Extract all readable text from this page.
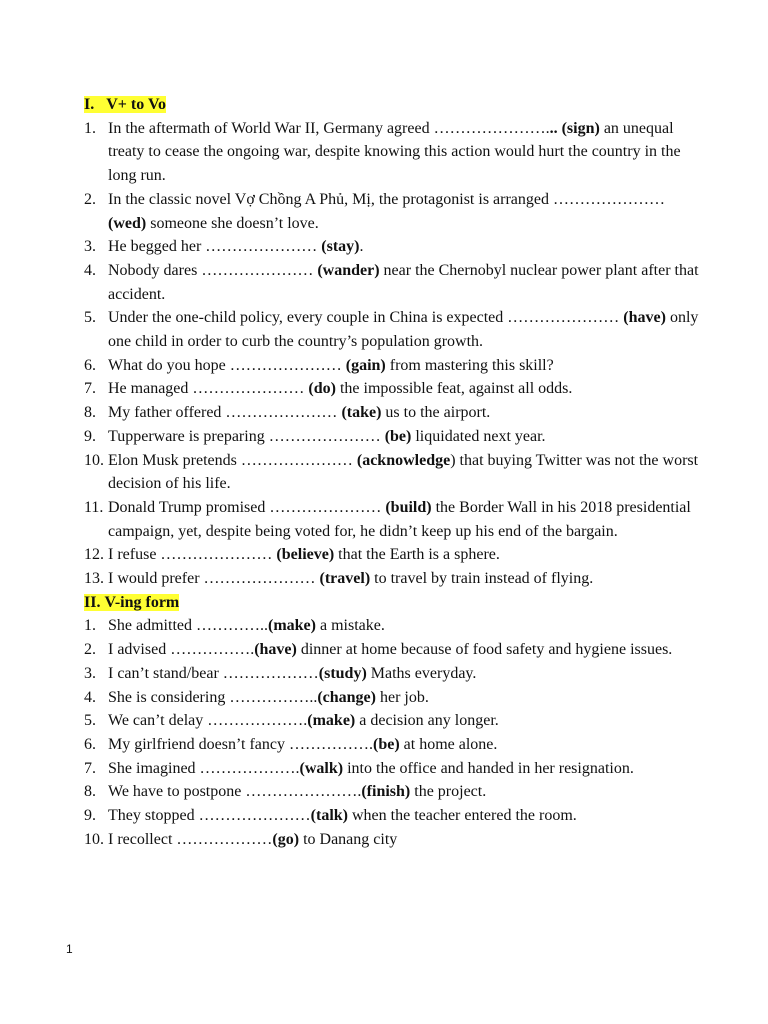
I. V+ to Vo
1. In the aftermath of World War II, Germany agreed …………………... (sign) an unequal treaty to cease the ongoing war, despite knowing this action would hurt the country in the long run.
2. In the classic novel Vợ Chồng A Phủ, Mị, the protagonist is arranged ………………… (wed) someone she doesn’t love.
3. He begged her ………………… (stay).
4. Nobody dares ………………… (wander) near the Chernobyl nuclear power plant after that accident.
5. Under the one-child policy, every couple in China is expected ………………… (have) only one child in order to curb the country’s population growth.
6. What do you hope ………………… (gain) from mastering this skill?
7. He managed ………………… (do) the impossible feat, against all odds.
8. My father offered ………………… (take) us to the airport.
9. Tupperware is preparing ………………… (be) liquidated next year.
10. Elon Musk pretends ………………… (acknowledge) that buying Twitter was not the worst decision of his life.
11. Donald Trump promised ………………… (build) the Border Wall in his 2018 presidential campaign, yet, despite being voted for, he didn’t keep up his end of the bargain.
12. I refuse ………………… (believe) that the Earth is a sphere.
13. I would prefer ………………… (travel) to travel by train instead of flying.
II. V-ing form
1. She admitted …………..(make) a mistake.
2. I advised …………….(have) dinner at home because of food safety and hygiene issues.
3. I can’t stand/bear ………………(study) Maths everyday.
4. She is considering ……………..(change) her job.
5. We can’t delay ……………….(make) a decision any longer.
6. My girlfriend doesn’t fancy …………….(be) at home alone.
7. She imagined ……………….(walk) into the office and handed in her resignation.
8. We have to postpone ………………….(finish) the project.
9. They stopped …………………(talk) when the teacher entered the room.
10. I recollect ………………(go) to Danang city
1
